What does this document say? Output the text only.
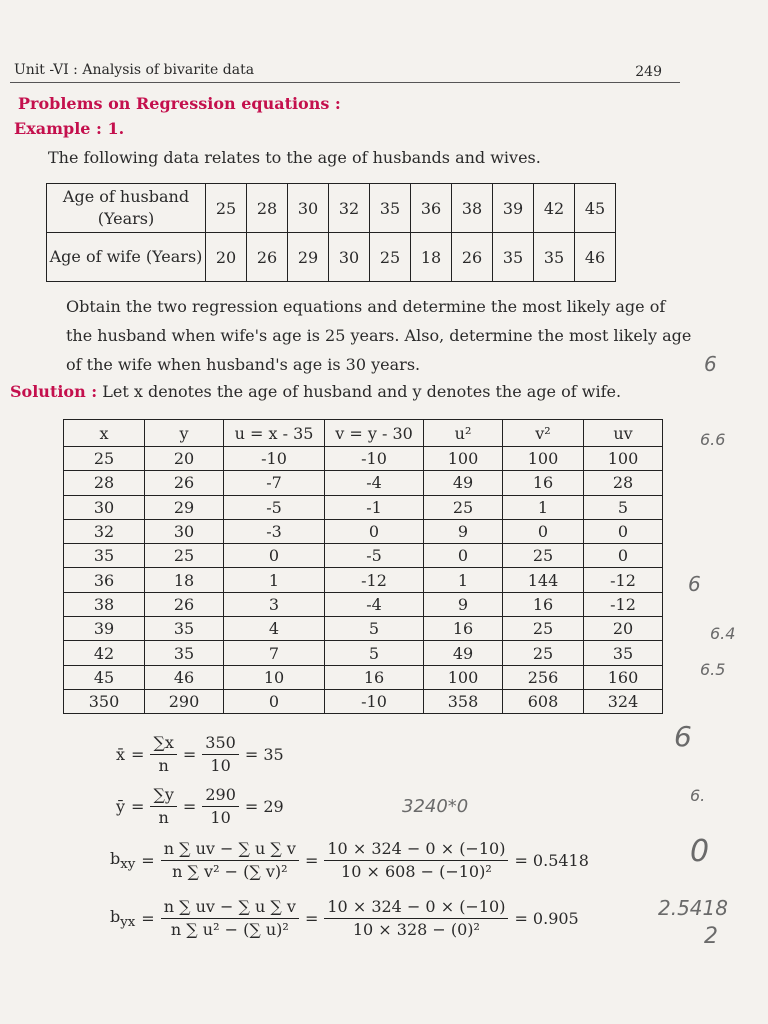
Unit -VI : Analysis of bivarite data	249
Problems on Regression equations :
Example : 1.
The following data relates to the age of husbands and wives.
Age of husband (Years)	25	28	30	32	35	36	38	39	42	45
Age of wife (Years)	20	26	29	30	25	18	26	35	35	46
Obtain the two regression equations and determine the most likely age of the husband when wife's age is 25 years. Also, determine the most likely age of the wife when husband's age is 30 years.
Solution : Let x denotes the age of husband and y denotes the age of wife.
x	y	u = x - 35	v = y - 30	u²	v²	uv
25	20	-10	-10	100	100	100
28	26	-7	-4	49	16	28
30	29	-5	-1	25	1	5
32	30	-3	0	9	0	0
35	25	0	-5	0	25	0
36	18	1	-12	1	144	-12
38	26	3	-4	9	16	-12
39	35	4	5	16	25	20
42	35	7	5	49	25	35
45	46	10	16	100	256	160
350	290	0	-10	358	608	324
x̄ = $\frac{\sum x}{n} = \frac{350}{10} = 35$
ȳ = $\frac{\sum y}{n} = \frac{290}{10} = 29$
$b_{xy} = \frac{n \sum uv - \sum u \sum v}{\text{n ∑ v² − (∑ v)²}} = \frac{10 \times 324 - 0 \times (-10)}{\text{10 × 608 − (−10)²}} = 0.5418$
$b_{yx} = \frac{n \sum uv - \sum u \sum v}{\text{n ∑ u² − (∑ u)²}} = \frac{10 \times 324 - 0 \times (-10)}{\text{10 × 328 − (0)²}} = 0.905$
6
6.6
6
6.4
6.5
6
6.
0
2.5418
2
3240*0
